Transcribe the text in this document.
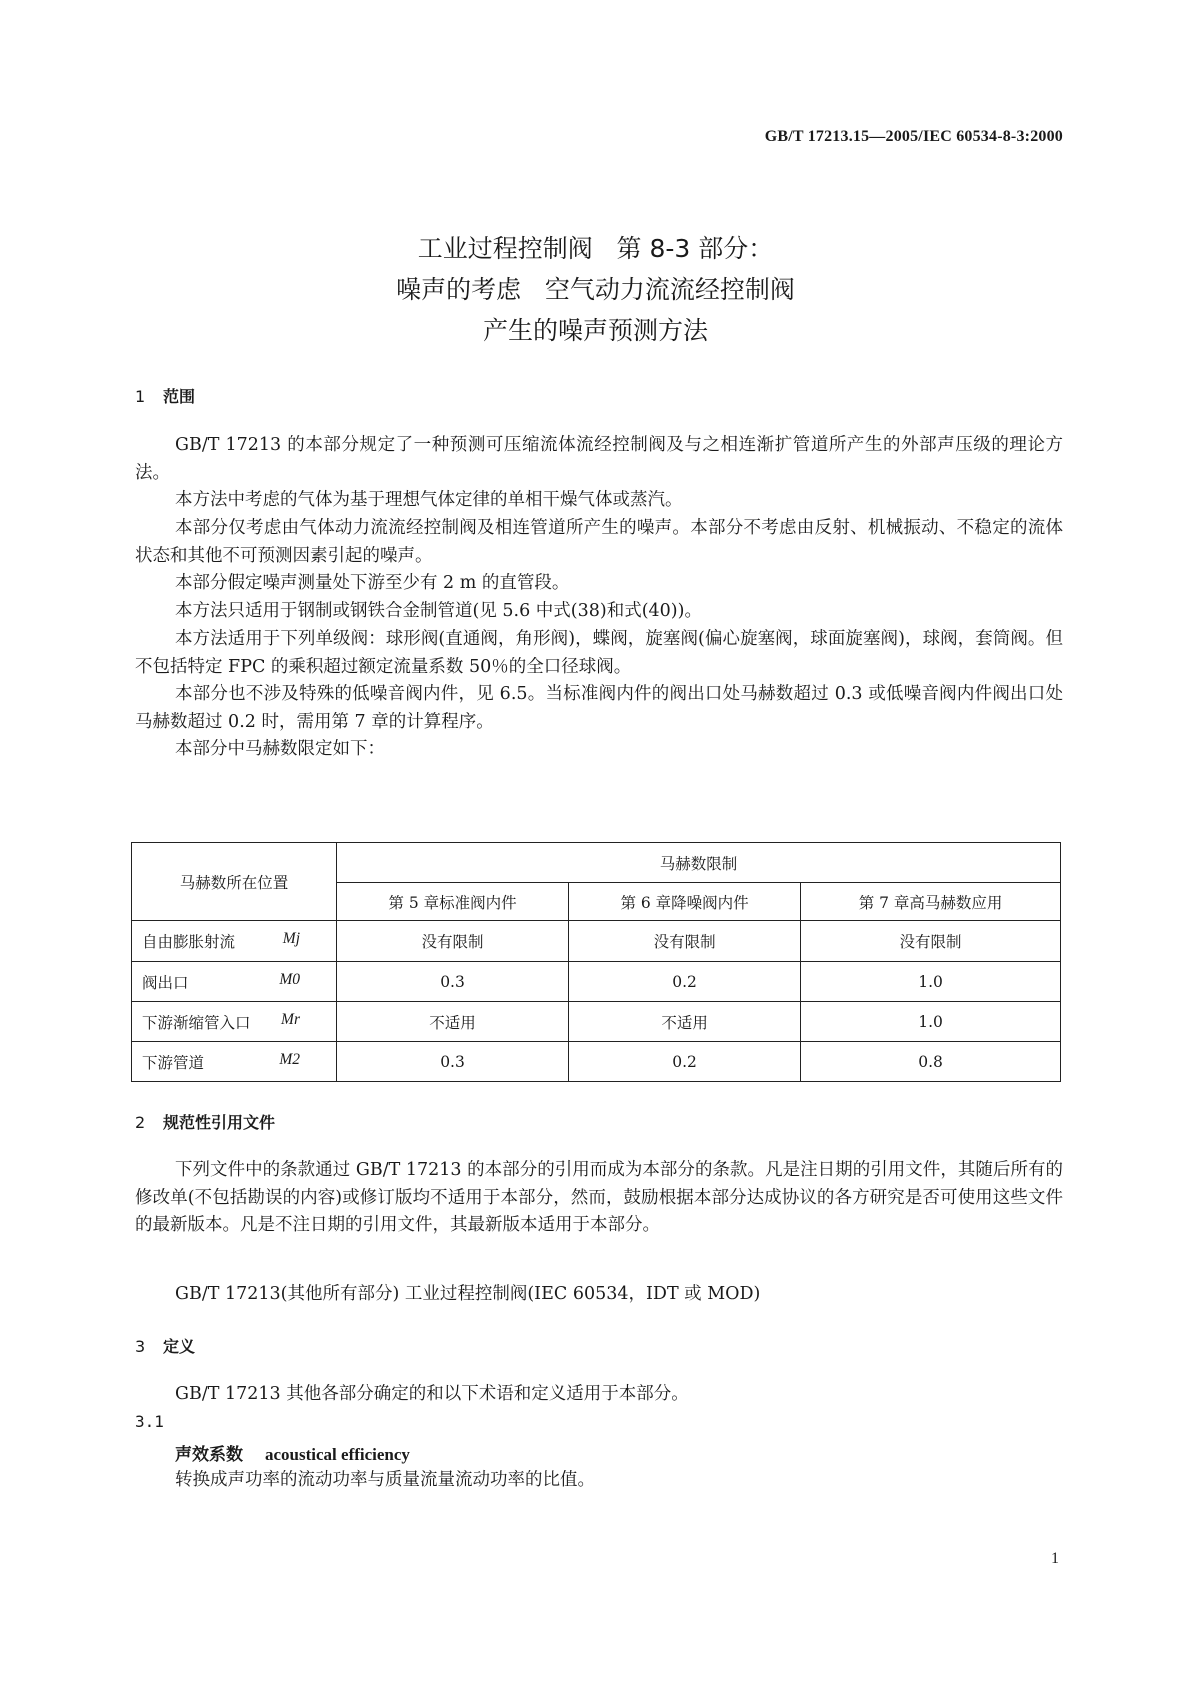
GB/T 17213.15—2005/IEC 60534-8-3:2000
工业过程控制阀   第 8-3 部分：
噪声的考虑   空气动力流流经控制阀
产生的噪声预测方法
1 范围

GB/T 17213 的本部分规定了一种预测可压缩流体流经控制阀及与之相连渐扩管道所产生的外部声压级的理论方法。

本方法中考虑的气体为基于理想气体定律的单相干燥气体或蒸汽。

本部分仅考虑由气体动力流流经控制阀及相连管道所产生的噪声。本部分不考虑由反射、机械振动、不稳定的流体状态和其他不可预测因素引起的噪声。

本部分假定噪声测量处下游至少有 2 m 的直管段。

本方法只适用于钢制或钢铁合金制管道(见 5.6 中式(38)和式(40))。

本方法适用于下列单级阀：球形阀(直通阀，角形阀)，蝶阀，旋塞阀(偏心旋塞阀，球面旋塞阀)，球阀，套筒阀。但不包括特定 FPC 的乘积超过额定流量系数 50％的全口径球阀。

本部分也不涉及特殊的低噪音阀内件，见 6.5。当标准阀内件的阀出口处马赫数超过 0.3 或低噪音阀内件阀出口处马赫数超过 0.2 时，需用第 7 章的计算程序。

本部分中马赫数限定如下：

马赫数所在位置	马赫数限制		
	第 5 章标准阀内件	第 6 章降噪阀内件	第 7 章高马赫数应用
自由膨胀射流 Mj	没有限制	没有限制	没有限制
阀出口 M0	0.3	0.2	1.0
下游渐缩管入口 Mr	不适用	不适用	1.0
下游管道 M2	0.3	0.2	0.8
2 规范性引用文件

下列文件中的条款通过 GB/T 17213 的本部分的引用而成为本部分的条款。凡是注日期的引用文件，其随后所有的修改单(不包括勘误的内容)或修订版均不适用于本部分，然而，鼓励根据本部分达成协议的各方研究是否可使用这些文件的最新版本。凡是不注日期的引用文件，其最新版本适用于本部分。

GB/T 17213(其他所有部分) 工业过程控制阀(IEC 60534，IDT 或 MOD)

3 定义

GB/T 17213 其他各部分确定的和以下术语和定义适用于本部分。

3.1
声效系数 acoustical efficiency

转换成声功率的流动功率与质量流量流动功率的比值。

1
